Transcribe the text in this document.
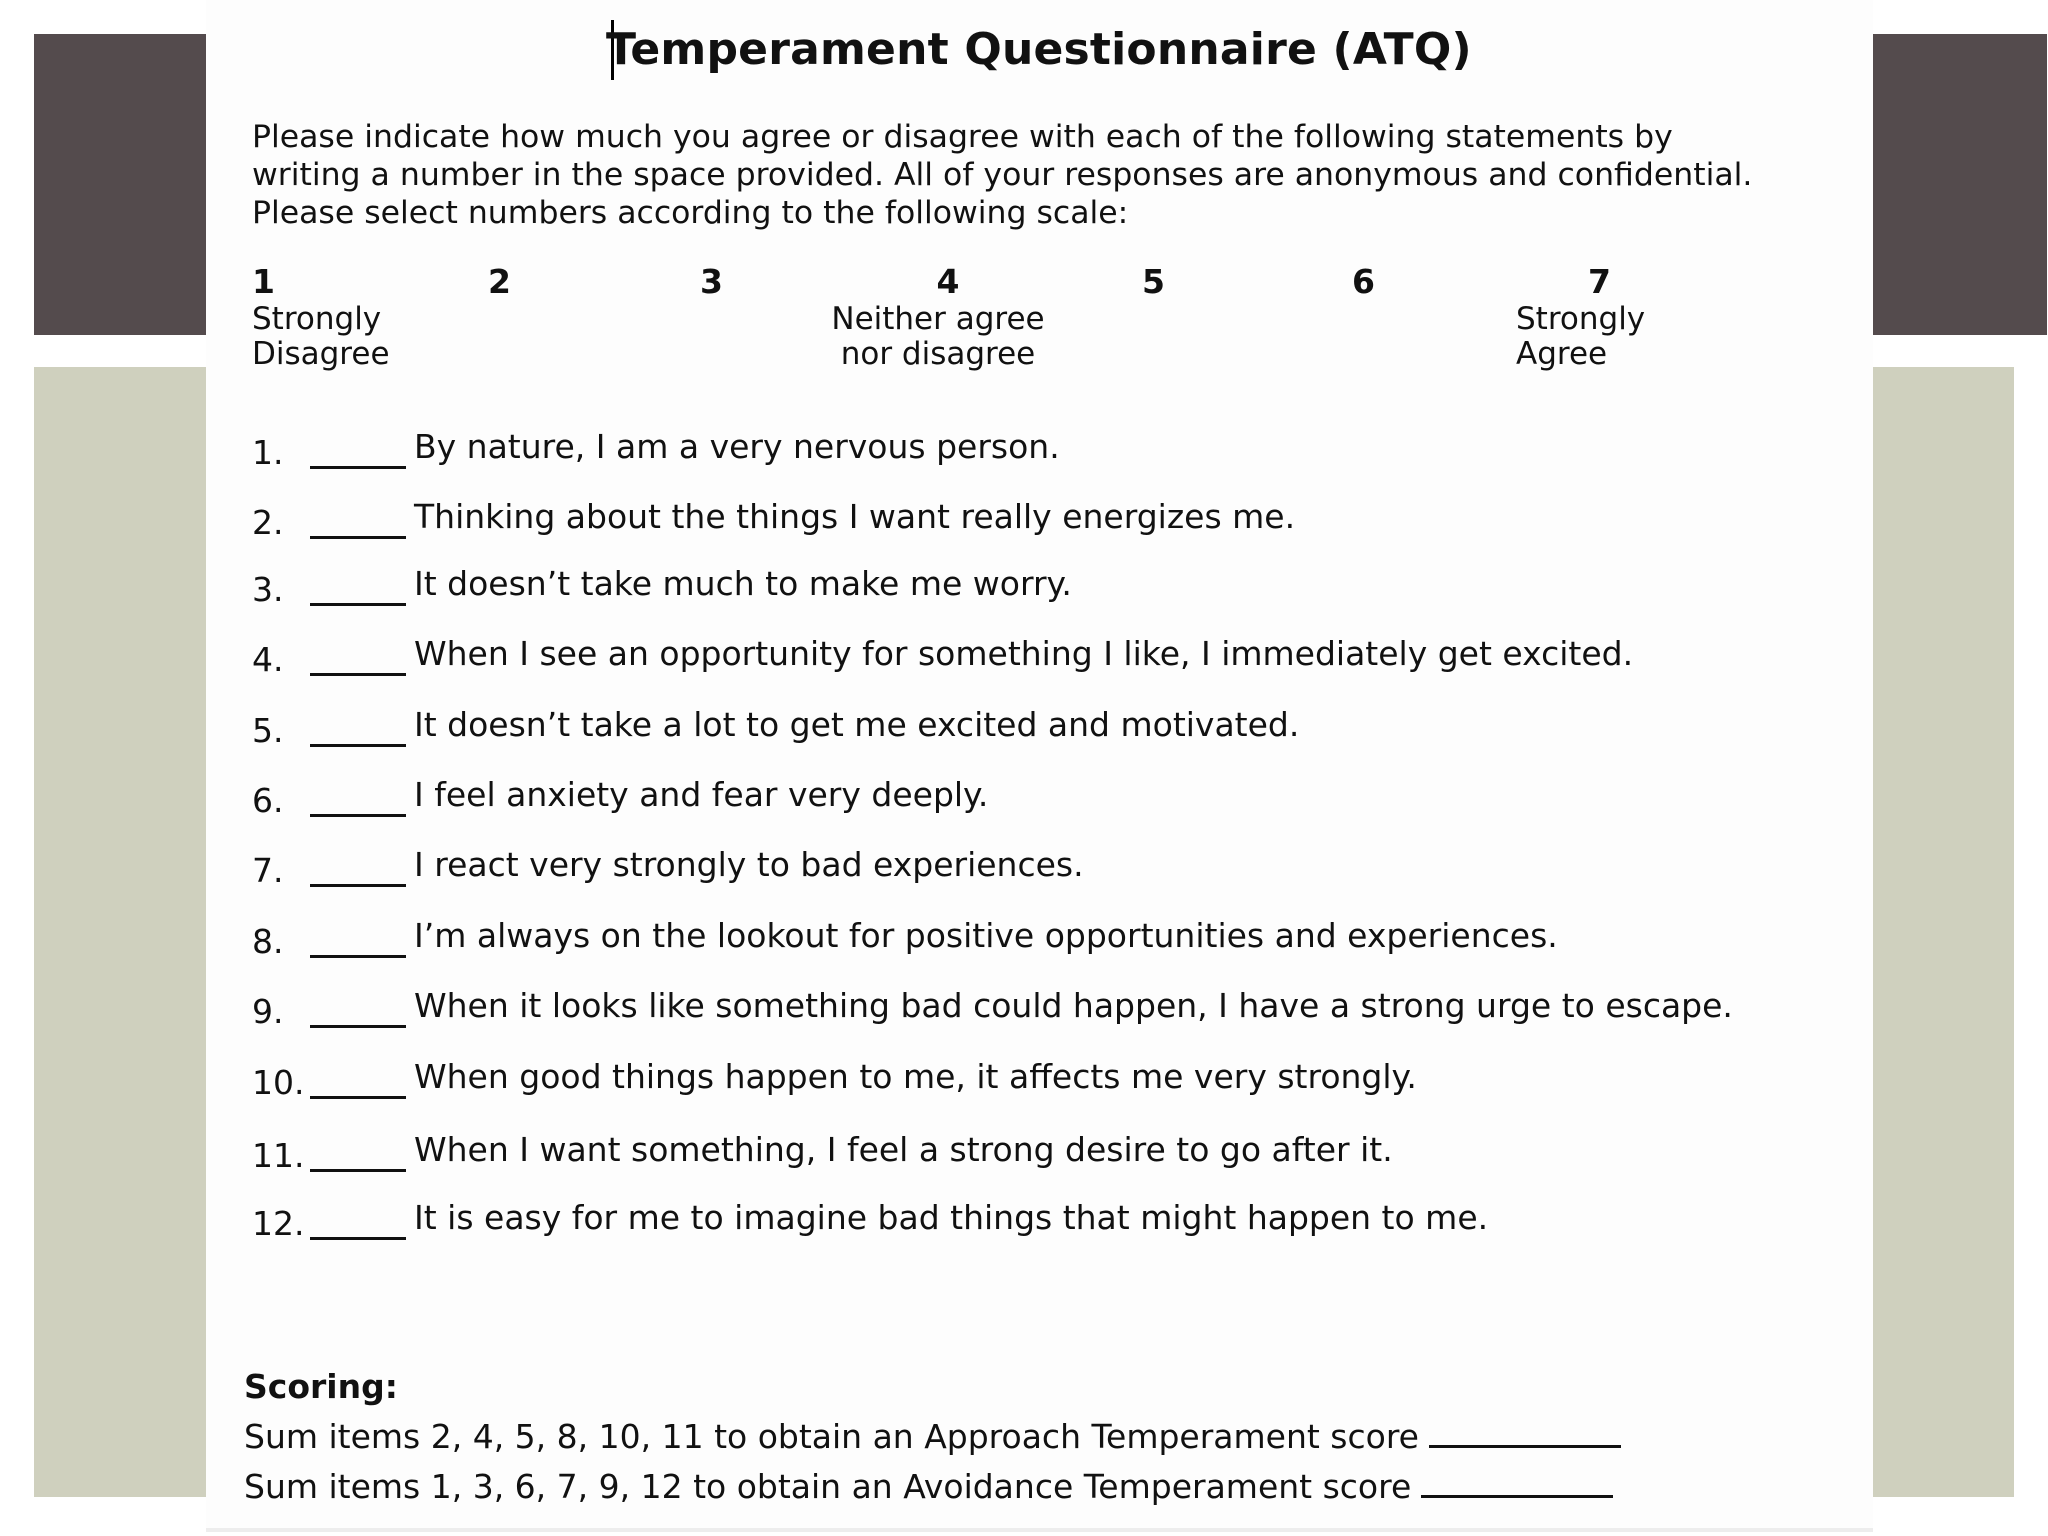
Temperament Questionnaire (ATQ)
Please indicate how much you agree or disagree with each of the following statements by
writing a number in the space provided. All of your responses are anonymous and confidential.
Please select numbers according to the following scale:
1
Strongly
Disagree
2	3	4
Neither agree
nor disagree
5	6	7
Strongly
Agree
1.	By nature, I am a very nervous person.
2.	Thinking about the things I want really energizes me.
3.	It doesn’t take much to make me worry.
4.	When I see an opportunity for something I like, I immediately get excited.
5.	It doesn’t take a lot to get me excited and motivated.
6.	I feel anxiety and fear very deeply.
7.	I react very strongly to bad experiences.
8.	I’m always on the lookout for positive opportunities and experiences.
9.	When it looks like something bad could happen, I have a strong urge to escape.
10.	When good things happen to me, it affects me very strongly.
11.	When I want something, I feel a strong desire to go after it.
12.	It is easy for me to imagine bad things that might happen to me.
Scoring:
Sum items 2, 4, 5, 8, 10, 11 to obtain an Approach Temperament score
Sum items 1, 3, 6, 7, 9, 12 to obtain an Avoidance Temperament score
